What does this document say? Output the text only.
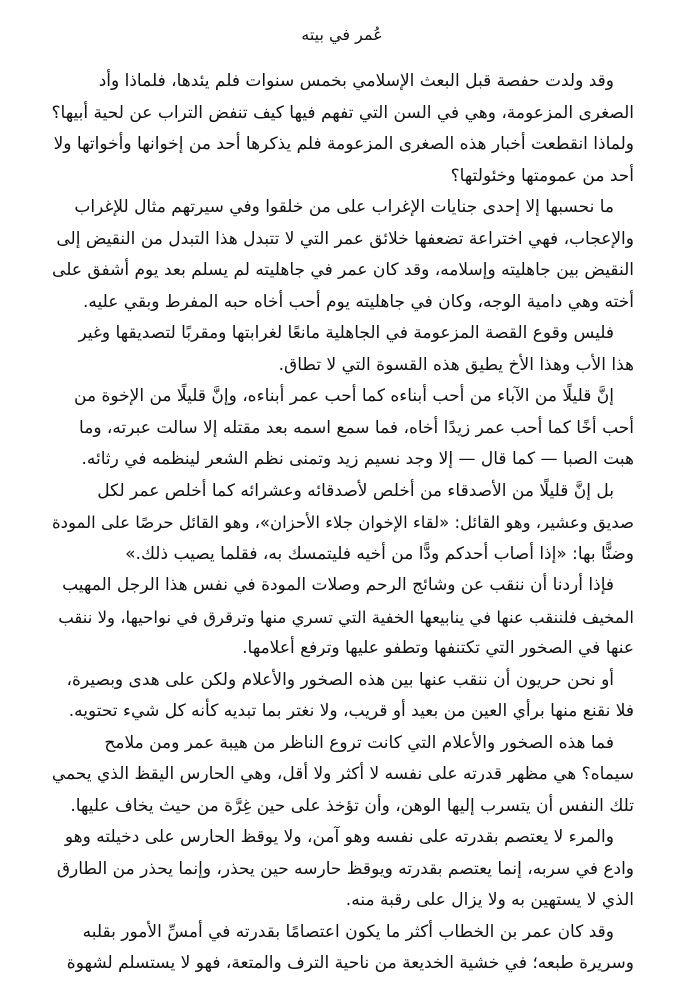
عُمر في بيته
وقد ولدت حفصة قبل البعث الإسلامي بخمس سنوات فلم يئدها، فلماذا وأد
الصغرى المزعومة، وهي في السن التي تفهم فيها كيف تنفض التراب عن لحية أبيها؟
ولماذا انقطعت أخبار هذه الصغرى المزعومة فلم يذكرها أحد من إخوانها وأخواتها ولا
أحد من عمومتها وخئولتها؟
ما نحسبها إلا إحدى جنايات الإغراب على من خلقوا وفي سيرتهم مثال للإغراب
والإعجاب، فهي اختراعة تضعفها خلائق عمر التي لا تتبدل هذا التبدل من النقيض إلى
النقيض بين جاهليته وإسلامه، وقد كان عمر في جاهليته لم يسلم بعد يوم أشفق على
أخته وهي دامية الوجه، وكان في جاهليته يوم أحب أخاه حبه المفرط وبقي عليه.
فليس وقوع القصة المزعومة في الجاهلية مانعًا لغرابتها ومقربًا لتصديقها وغير
هذا الأب وهذا الأخ يطيق هذه القسوة التي لا تطاق.
إنَّ قليلًا من الآباء من أحب أبناءه كما أحب عمر أبناءه، وإنَّ قليلًا من الإخوة من
أحب أخًا كما أحب عمر زيدًا أخاه، فما سمع اسمه بعد مقتله إلا سالت عبرته، وما
هبت الصبا — كما قال — إلا وجد نسيم زيد وتمنى نظم الشعر لينظمه في رثائه.
بل إنَّ قليلًا من الأصدقاء من أخلص لأصدقائه وعشرائه كما أخلص عمر لكل
صديق وعشير، وهو القائل: «لقاء الإخوان جلاء الأحزان»، وهو القائل حرصًا على المودة
وضنًّا بها: «إذا أصاب أحدكم ودًّا من أخيه فليتمسك به، فقلما يصيب ذلك.»
فإذا أردنا أن ننقب عن وشائج الرحم وصلات المودة في نفس هذا الرجل المهيب
المخيف فلننقب عنها في ينابيعها الخفية التي تسري منها وترقرق في نواحيها، ولا ننقب
عنها في الصخور التي تكتنفها وتطفو عليها وترفع أعلامها.
أو نحن حريون أن ننقب عنها بين هذه الصخور والأعلام ولكن على هدى وبصيرة،
فلا نقنع منها برأي العين من بعيد أو قريب، ولا نغتر بما تبديه كأنه كل شيء تحتويه.
فما هذه الصخور والأعلام التي كانت تروع الناظر من هيبة عمر ومن ملامح
سيماه؟ هي مظهر قدرته على نفسه لا أكثر ولا أقل، وهي الحارس اليقظ الذي يحمي
تلك النفس أن يتسرب إليها الوهن، وأن تؤخذ على حين غِرَّة من حيث يخاف عليها.
والمرء لا يعتصم بقدرته على نفسه وهو آمن، ولا يوقظ الحارس على دخيلته وهو
وادع في سربه، إنما يعتصم بقدرته ويوقظ حارسه حين يحذر، وإنما يحذر من الطارق
الذي لا يستهين به ولا يزال على رقبة منه.
وقد كان عمر بن الخطاب أكثر ما يكون اعتصامًا بقدرته في أمسِّ الأمور بقلبه
وسريرة طبعه؛ في خشية الخديعة من ناحية الترف والمتعة، فهو لا يستسلم لشهوة
